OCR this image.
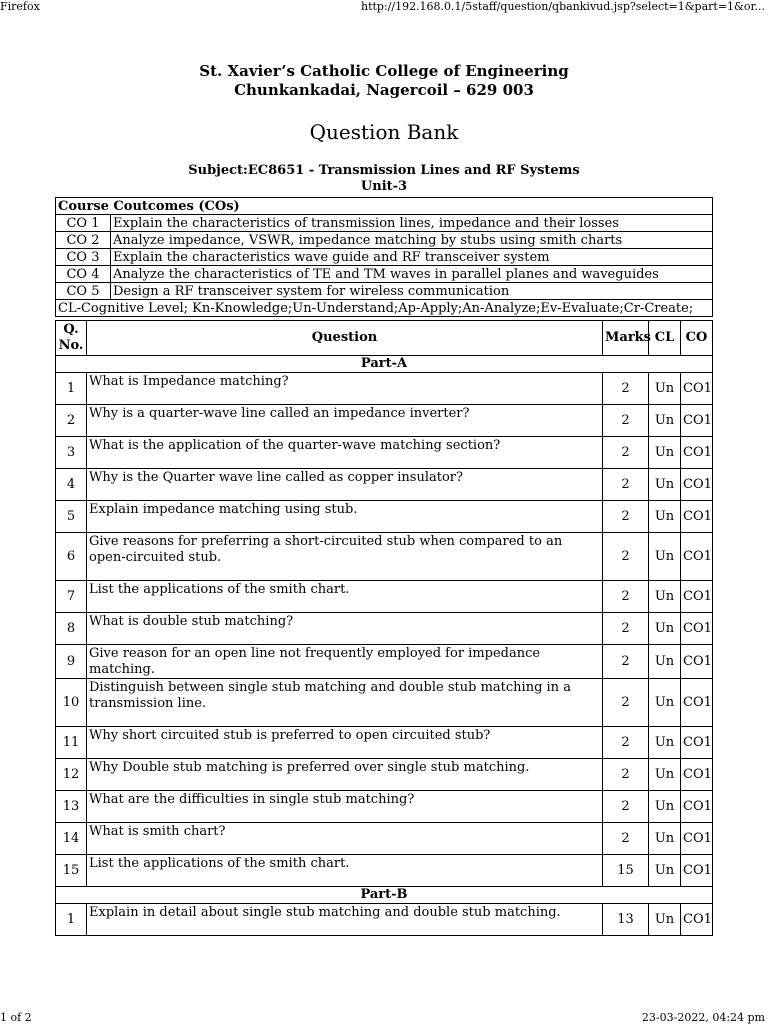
Firefox	http://192.168.0.1/5staff/question/qbankivud.jsp?select=1&part=1&or...
St. Xavier’s Catholic College of Engineering
Chunkankadai, Nagercoil – 629 003
Question Bank
Subject:EC8651 - Transmission Lines and RF Systems
Unit-3
Course Coutcomes (COs)	
CO 1	Explain the characteristics of transmission lines, impedance and their losses
CO 2	Analyze impedance, VSWR, impedance matching by stubs using smith charts
CO 3	Explain the characteristics wave guide and RF transceiver system
CO 4	Analyze the characteristics of TE and TM waves in parallel planes and waveguides
CO 5	Design a RF transceiver system for wireless communication
CL-Cognitive Level; Kn-Knowledge;Un-Understand;Ap-Apply;An-Analyze;Ev-Evaluate;Cr-Create;	
Q. No.	Question	Marks	CL	CO
Part-A				
1	What is Impedance matching?	2	Un	CO1
2	Why is a quarter-wave line called an impedance inverter?	2	Un	CO1
3	What is the application of the quarter-wave matching section?	2	Un	CO1
4	Why is the Quarter wave line called as copper insulator?	2	Un	CO1
5	Explain impedance matching using stub.	2	Un	CO1
6	Give reasons for preferring a short-circuited stub when compared to an open-circuited stub.	2	Un	CO1
7	List the applications of the smith chart.	2	Un	CO1
8	What is double stub matching?	2	Un	CO1
9	Give reason for an open line not frequently employed for impedance matching.	2	Un	CO1
10	Distinguish between single stub matching and double stub matching in a transmission line.	2	Un	CO1
11	Why short circuited stub is preferred to open circuited stub?	2	Un	CO1
12	Why Double stub matching is preferred over single stub matching.	2	Un	CO1
13	What are the difficulties in single stub matching?	2	Un	CO1
14	What is smith chart?	2	Un	CO1
15	List the applications of the smith chart.	15	Un	CO1
Part-B				
1	Explain in detail about single stub matching and double stub matching.	13	Un	CO1
1 of 2	23-03-2022, 04:24 pm
